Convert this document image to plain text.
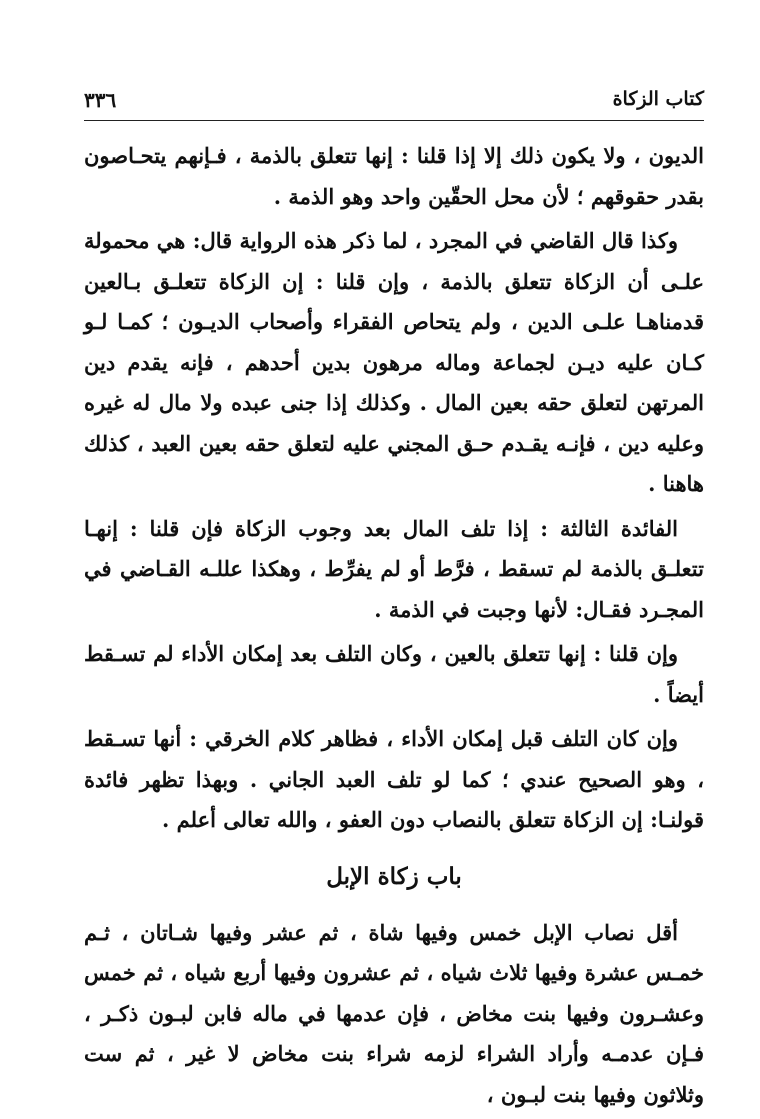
كتاب الزكاة
٣٣٦

الديون ، ولا يكون ذلك إلا إذا قلنا : إنها تتعلق بالذمة ، فـإنهم يتحـاصون بقدر حقوقهم ؛ لأن محل الحقّين واحد وهو الذمة .

وكذا قال القاضي في المجرد ، لما ذكر هذه الرواية قال: هي محمولة علـى أن الزكاة تتعلق بالذمة ، وإن قلنا : إن الزكاة تتعلـق بـالعين قدمناهـا علـى الدين ، ولم يتحاص الفقراء وأصحاب الديـون ؛ كمـا لـو كـان عليه ديـن لجماعة وماله مرهون بدين أحدهم ، فإنه يقدم دين المرتهن لتعلق حقه بعين المال . وكذلك إذا جنى عبده ولا مال له غيره وعليه دين ، فإنـه يقـدم حـق المجني عليه لتعلق حقه بعين العبد ، كذلك هاهنا .

الفائدة الثالثة : إذا تلف المال بعد وجوب الزكاة فإن قلنا : إنهـا تتعلـق بالذمة لم تسقط ، فرَّط أو لم يفرِّط ، وهكذا عللـه القـاضي في المجـرد فقـال: لأنها وجبت في الذمة .

وإن قلنا : إنها تتعلق بالعين ، وكان التلف بعد إمكان الأداء لم تسـقط أيضاً .

وإن كان التلف قبل إمكان الأداء ، فظاهر كلام الخرقي : أنها تسـقط ، وهو الصحيح عندي ؛ كما لو تلف العبد الجاني . وبهذا تظهر فائدة قولنـا: إن الزكاة تتعلق بالنصاب دون العفو ، والله تعالى أعلم .

باب زكاة الإبل

أقل نصاب الإبل خمس وفيها شاة ، ثم عشر وفيها شـاتان ، ثـم خمـس عشرة وفيها ثلاث شياه ، ثم عشرون وفيها أربع شياه ، ثم خمس وعشـرون وفيها بنت مخاض ، فإن عدمها في ماله فابن لبـون ذكـر ، فـإن عدمـه وأراد الشراء لزمه شراء بنت مخاض لا غير ، ثم ست وثلاثون وفيها بنت لبـون ،
